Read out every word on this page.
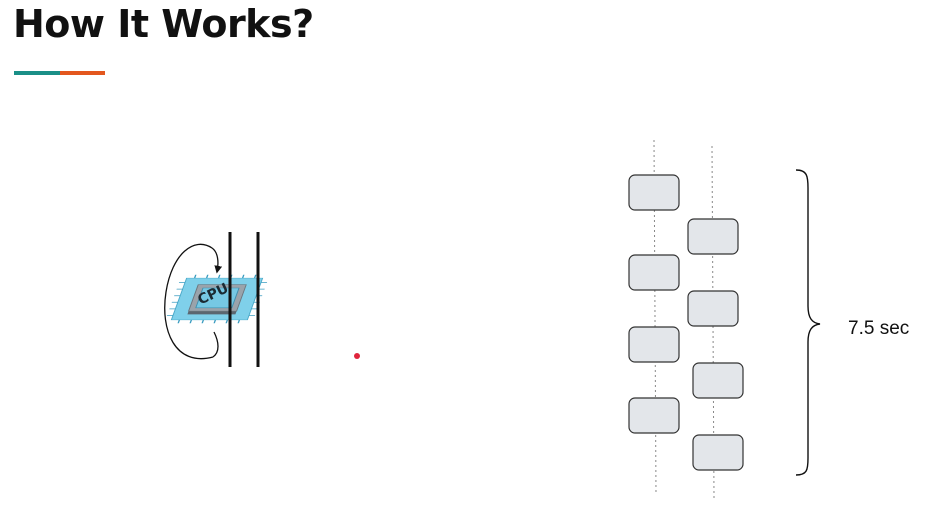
How It Works?
CPU
7.5 sec
